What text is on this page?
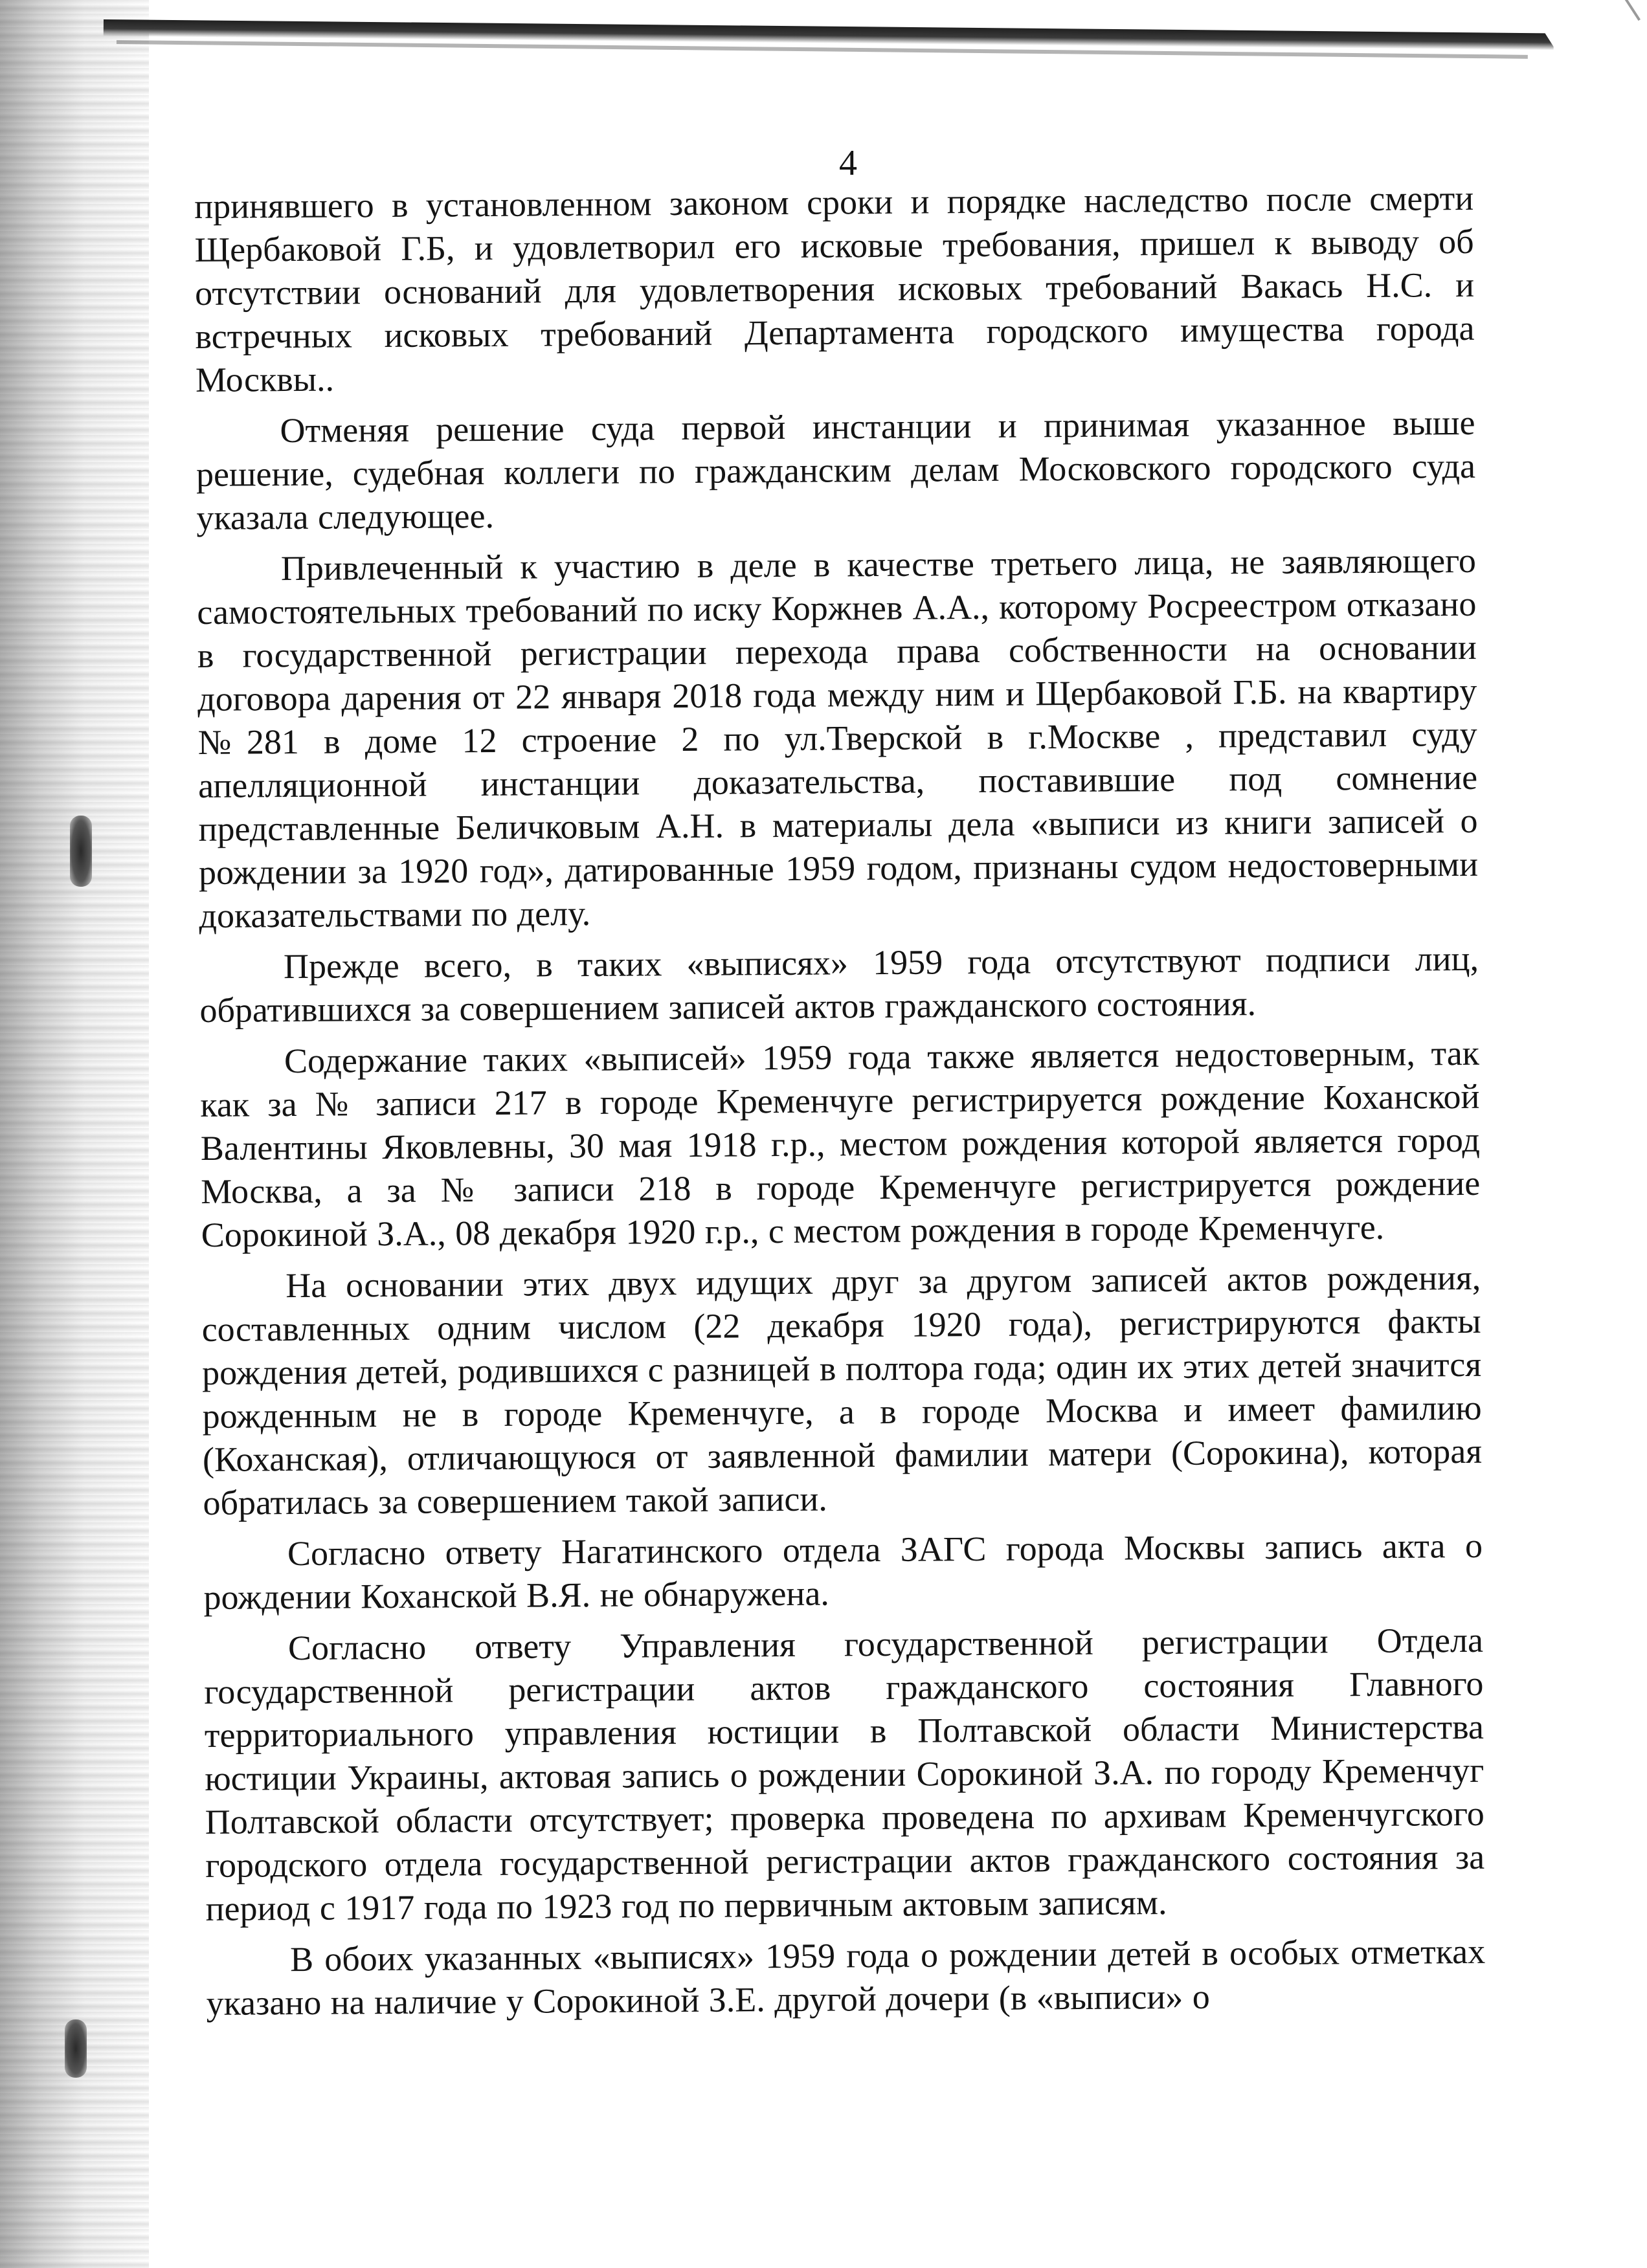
4

принявшего в установленном законом сроки и порядке наследство после смерти Щербаковой Г.Б, и удовлетворил его исковые требования, пришел к выводу об отсутствии оснований для удовлетворения исковых требований Вакась Н.С. и встречных исковых требований Департамента городского имущества города Москвы..

Отменяя решение суда первой инстанции и принимая указанное выше решение, судебная коллеги по гражданским делам Московского городского суда указала следующее.

Привлеченный к участию в деле в качестве третьего лица, не заявляющего самостоятельных требований по иску Коржнев А.А., которому Росреестром отказано в государственной регистрации перехода права собственности на основании договора дарения от 22 января 2018 года между ним и Щербаковой Г.Б. на квартиру №281 в доме 12 строение 2 по ул.Тверской в г.Москве , представил суду апелляционной инстанции доказательства, поставившие под сомнение представленные Беличковым А.Н. в материалы дела «выписи из книги записей о рождении за 1920 год», датированные 1959 годом, признаны судом недостоверными доказательствами по делу.

Прежде всего, в таких «выписях» 1959 года отсутствуют подписи лиц, обратившихся за совершением записей актов гражданского состояния.

Содержание таких «выписей» 1959 года также является недостоверным, так как за № записи 217 в городе Кременчуге регистрируется рождение Коханской Валентины Яковлевны, 30 мая 1918 г.р., местом рождения которой является город Москва, а за № записи 218 в городе Кременчуге регистрируется рождение Сорокиной З.А., 08 декабря 1920 г.р., с местом рождения в городе Кременчуге.

На основании этих двух идущих друг за другом записей актов рождения, составленных одним числом (22 декабря 1920 года), регистрируются факты рождения детей, родившихся с разницей в полтора года; один их этих детей значится рожденным не в городе Кременчуге, а в городе Москва и имеет фамилию (Коханская), отличающуюся от заявленной фамилии матери (Сорокина), которая обратилась за совершением такой записи.

Согласно ответу Нагатинского отдела ЗАГС города Москвы запись акта о рождении Коханской В.Я. не обнаружена.

Согласно ответу Управления государственной регистрации Отдела государственной регистрации актов гражданского состояния Главного территориального управления юстиции в Полтавской области Министерства юстиции Украины, актовая запись о рождении Сорокиной З.А. по городу Кременчуг Полтавской области отсутствует; проверка проведена по архивам Кременчугского городского отдела государственной регистрации актов гражданского состояния за период с 1917 года по 1923 год по первичным актовым записям.

В обоих указанных «выписях» 1959 года о рождении детей в особых отметках указано на наличие у Сорокиной З.Е. другой дочери (в «выписи» о
